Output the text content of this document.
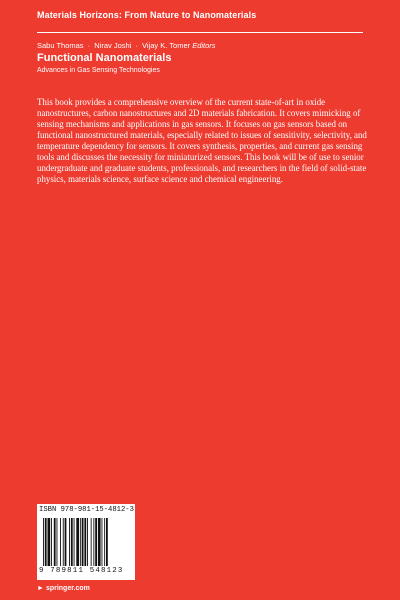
Materials Horizons: From Nature to Nanomaterials
Sabu Thomas · Nirav Joshi · Vijay K. Tomer Editors
Functional Nanomaterials
Advances in Gas Sensing Technologies
This book provides a comprehensive overview of the current state-of-art in oxide nanostructures, carbon nanostructures and 2D materials fabrication. It covers mimicking of sensing mechanisms and applications in gas sensors. It focuses on gas sensors based on functional nanostructured materials, especially related to issues of sensitivity, selectivity, and temperature dependency for sensors. It covers synthesis, properties, and current gas sensing tools and discusses the necessity for miniaturized sensors. This book will be of use to senior undergraduate and graduate students, professionals, and researchers in the field of solid-state physics, materials science, surface science and chemical engineering.
ISBN 978-981-15-4812-3
9 789811 548123
► springer.com
